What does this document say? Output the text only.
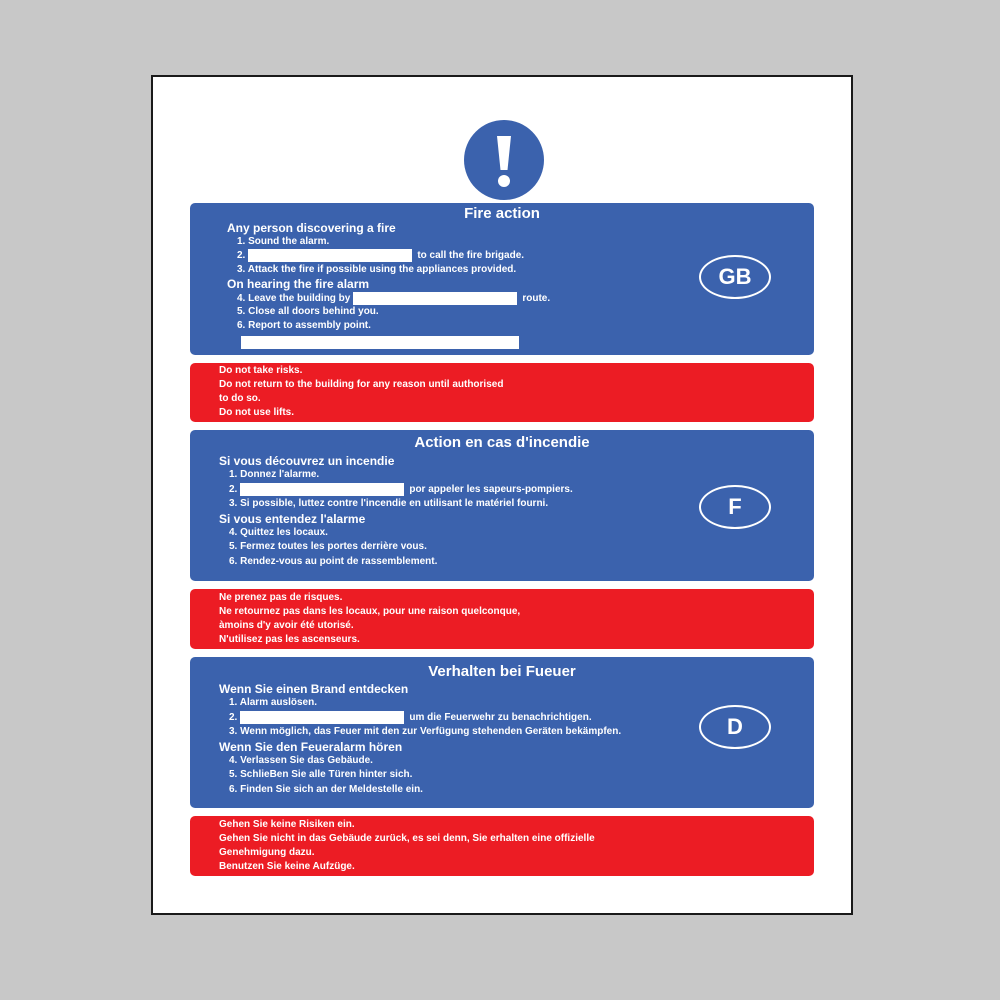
Fire action
Any person discovering a fire
1. Sound the alarm.
2.	to call the fire brigade.
3. Attack the fire if possible using the appliances provided.
On hearing the fire alarm
4. Leave the building by	route.
5. Close all doors behind you.
6. Report to assembly point.
GB
Do not take risks.
Do not return to the building for any reason until authorised
to do so.
Do not use lifts.
Action en cas d'incendie
Si vous découvrez un incendie
1. Donnez l'alarme.
2.	por appeler les sapeurs-pompiers.
3. Si possible, luttez contre l'incendie en utilisant le matériel fourni.
Si vous entendez l'alarme
4. Quittez les locaux.
5. Fermez toutes les portes derrière vous.
6. Rendez-vous au point de rassemblement.
F
Ne prenez pas de risques.
Ne retournez pas dans les locaux, pour une raison quelconque,
àmoins d'y avoir été utorisé.
N'utilisez pas les ascenseurs.
Verhalten bei Fueuer
Wenn Sie einen Brand entdecken
1. Alarm auslösen.
2.	um die Feuerwehr zu benachrichtigen.
3. Wenn möglich, das Feuer mit den zur Verfügung stehenden Geräten bekämpfen.
Wenn Sie den Feueralarm hören
4. Verlassen Sie das Gebäude.
5. SchlieBen Sie alle Türen hinter sich.
6. Finden Sie sich an der Meldestelle ein.
D
Gehen Sie keine Risiken ein.
Gehen Sie nicht in das Gebäude zurück, es sei denn, Sie erhalten eine offizielle
Genehmigung dazu.
Benutzen Sie keine Aufzüge.
